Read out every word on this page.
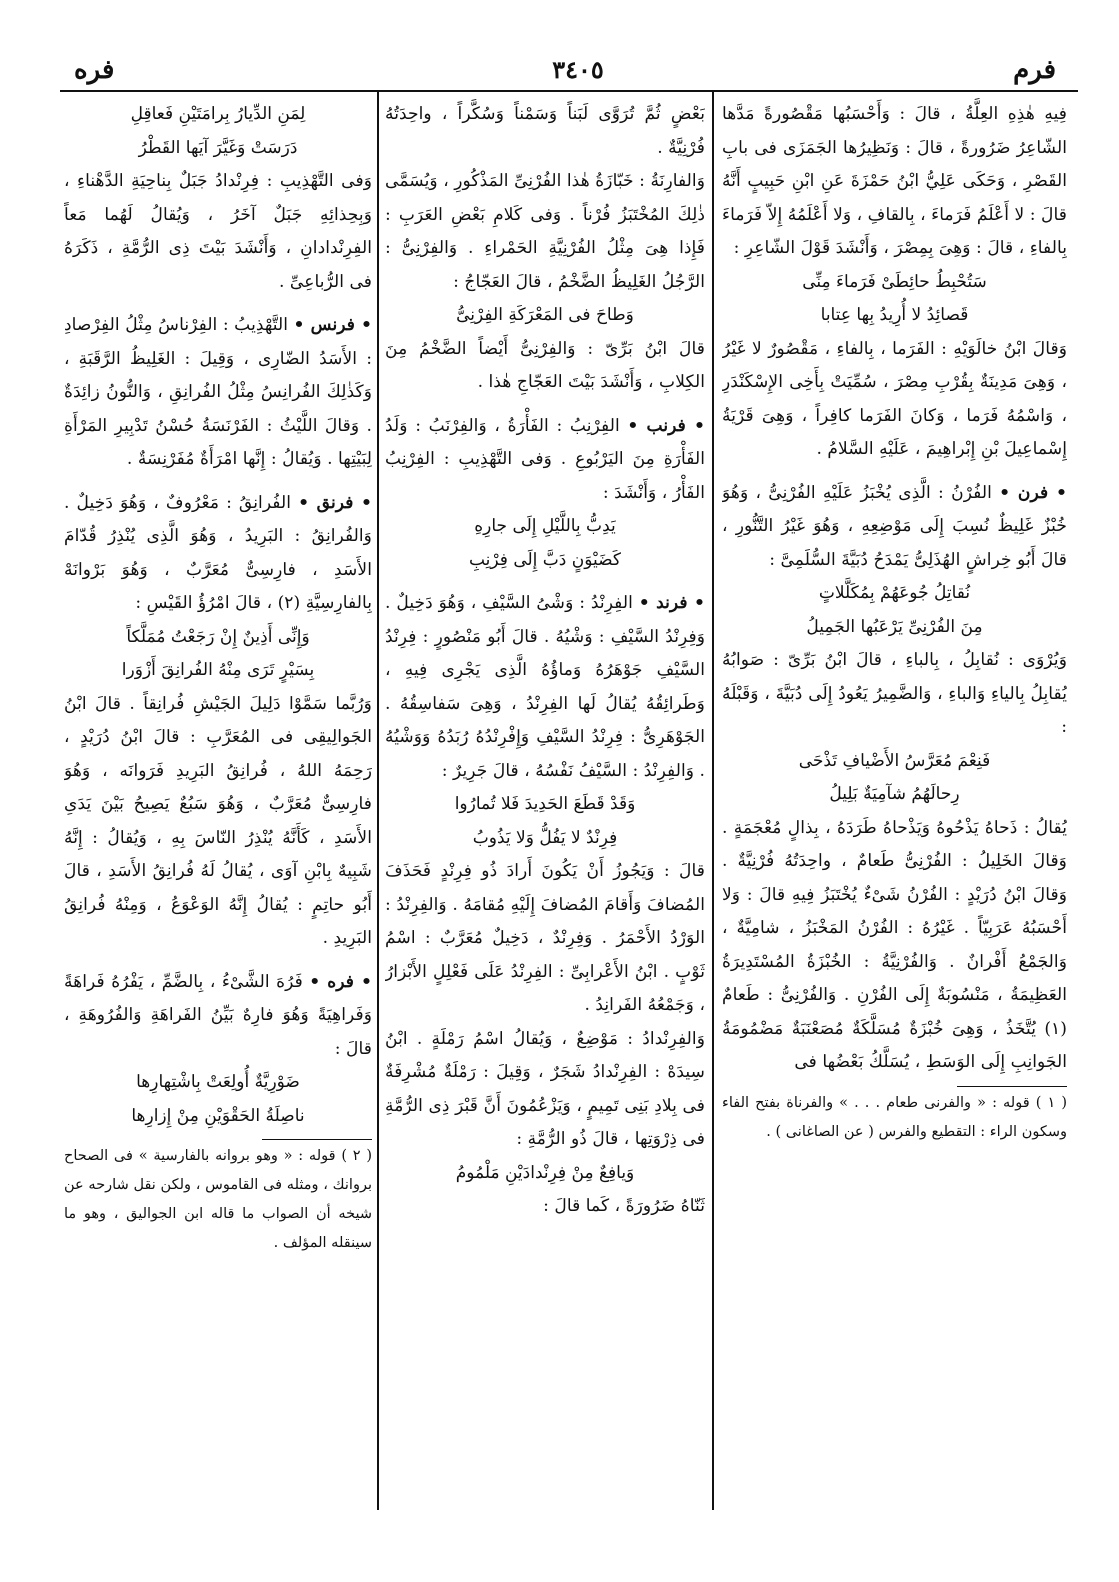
فرم
٣٤٠٥
فره

فِيهِ هٰذِهِ العِلَّةُ ، قالَ : وَأَحْسَبُها مَقْصُورةً مَدَّها الشّاعِرُ ضَرُورةً ، قالَ : وَنَظِيرُها الجَمَزَى فى بابِ القَصْرِ ، وَحَكَى عَلِيُّ ابْنُ حَمْزَةَ عَنِ ابْنِ حَبِيبٍ أَنَّهُ قالَ : لا أَعْلَمُ فَرَماءَ ، بِالقافِ ، وَلا أَعْلَمُهُ إِلاّ فَرَماءَ بِالفاءِ ، قالَ : وَهِىَ بِمِصْرَ ، وَأَنْشَدَ قَوْلَ الشّاعِرِ :

سَتُحْبِطُ حائِطَىْ فَرَماءَ مِنِّى

قَصائِدُ لا أُرِيدُ بِها عِتابا

وَقالَ ابْنُ خالَوَيْهِ : الفَرَما ، بِالفاءِ ، مَقْصُورٌ لا غَيْرُ ، وَهِىَ مَدِينَةٌ بِقُرْبِ مِصْرَ ، سُمِّيَتْ بِأَخِى الإِسْكَنْدَرِ ، وَاسْمُهُ فَرَما ، وَكانَ الفَرَما كافِراً ، وَهِىَ قَرْيَةُ إِسْماعِيلَ بْنِ إِبْراهِيمَ ، عَلَيْهِ السَّلامُ .

• فرن • الفُرْنُ : الَّذِى يُخْبَزُ عَلَيْهِ الفُرْنِىُّ ، وَهُوَ خُبْزٌ غَلِيظٌ نُسِبَ إِلَى مَوْضِعِهِ ، وَهُوَ غَيْرُ التَّنُّورِ ، قالَ أَبُو خِراشٍ الهُذَلِىُّ يَمْدَحُ دُبَيَّةَ السُّلَمِىَّ :

نُقاتِلُ جُوعَهُمْ بِمُكَلَّلاتٍ

مِنَ الفُرْنِىِّ يَرْعَبُها الجَمِيلُ

وَيُرْوَى : نُقابِلُ ، بِالباءِ ، قالَ ابْنُ بَرِّىّ : صَوابُهُ يُقابِلُ بِالياءِ وَالباءِ ، وَالضَّمِيرُ يَعُودُ إِلَى دُبَيَّةَ ، وَقَبْلَهُ :

فَنِعْمَ مُعَرَّسُ الأَضْيافِ تَذْحَى

رِحالَهُمُ شآمِيَةٌ بَلِيلُ

يُقالُ : ذَحاهُ يَذْحُوهُ وَيَذْحاهُ طَرَدَهُ ، بِذالٍ مُعْجَمَةٍ . وَقالَ الخَلِيلُ : الفُرْنِىُّ طَعامٌ ، واحِدَتُهُ فُرْنِيَّةٌ . وَقالَ ابْنُ دُرَيْدٍ : الفُرْنُ شَىْءٌ يُخْتَبَزُ فِيهِ قالَ : وَلا أَحْسَبُهُ عَرَبِيّاً . غَيْرُهُ : الفُرْنُ المَخْبَزُ ، شامِيَّةٌ ، وَالجَمْعُ أَفْرانٌ . وَالفُرْنِيَّةُ : الخُبْزَةُ المُسْتَدِيرَةُ العَظِيمَةُ ، مَنْسُوبَةٌ إِلَى الفُرْنِ . وَالفُرْنِىُّ : طَعامٌ (١) يُتَّخَذُ ، وَهِىَ خُبْزَةٌ مُسَلَّكَةٌ مُصَعْنَبَةٌ مَضْمُومَةُ الجَوانِبِ إِلَى الوَسَطِ ، يُسَلَّكُ بَعْضُها فى

( ١ ) قوله : « والفرنى طعام . . . » والفرناة بفتح الفاء وسكون الراء : التقطيع والفرس ( عن الصاغانى ) .

بَعْضٍ ثُمَّ تُرَوَّى لَبَناً وَسَمْناً وَسُكَّراً ، واحِدَتُهُ فُرْنِيَّةٌ .

وَالفارِنَةُ : خَبّازَةُ هٰذا الفُرْنِىِّ المَذْكُورِ ، وَيُسَمَّى ذٰلِكَ المُخْتَبَزُ فُرْناً . وَفى كَلامِ بَعْضِ العَرَبِ : فَإِذا هِىَ مِثْلُ الفُرْنِيَّةِ الحَمْراءِ . وَالفِرْنِىُّ : الرَّجُلُ الغَلِيظُ الضَّخْمُ ، قالَ العَجّاجُ :

وَطاحَ فى المَعْرَكَةِ الفِرْنِىُّ

قالَ ابْنُ بَرِّىّ : وَالفِرْنِىُّ أَيْضاً الضَّخْمُ مِنَ الكِلابِ ، وَأَنْشَدَ بَيْتَ العَجّاجِ هٰذا .

• فرنب • الفِرْنِبُ : الفَأْرَةُ ، وَالفِرْنَبُ : وَلَدُ الفَأْرَةِ مِنَ اليَرْبُوعِ . وَفى التَّهْذِيبِ : الفِرْنِبُ الفَأْرُ ، وَأَنْشَدَ :

يَدِبُّ بِاللَّيْلِ إِلَى جارِهِ

كَضَيْوَنٍ دَبَّ إِلَى فِرْنِبِ

• فرند • الفِرِنْدُ : وَشْىُ السَّيْفِ ، وَهُوَ دَخِيلٌ . وَفِرِنْدُ السَّيْفِ : وَشْيُهُ . قالَ أَبُو مَنْصُورٍ : فِرِنْدُ السَّيْفِ جَوْهَرُهُ وَماؤُهُ الَّذِى يَجْرِى فِيهِ ، وَطَرائِقُهُ يُقالُ لَها الفِرِنْدُ ، وَهِىَ سَفاسِقُهُ . الجَوْهَرِىُّ : فِرِنْدُ السَّيْفِ وَإِفْرِنْدُهُ رُبَدُهُ وَوَشْيُهُ . وَالفِرِنْدُ : السَّيْفُ نَفْسُهُ ، قالَ جَرِيرٌ :

وَقَدْ قَطَعَ الحَدِيدَ فَلا تُمارُوا

فِرِنْدٌ لا يَفُلُّ وَلا يَذُوبُ

قالَ : وَيَجُوزُ أَنْ يَكُونَ أَرادَ ذُو فِرِنْدٍ فَحَذَفَ المُضافَ وَأَقامَ المُضافَ إِلَيْهِ مُقامَهُ . وَالفِرِنْدُ : الوَرْدُ الأَحْمَرُ . وَفِرِنْدٌ ، دَخِيلٌ مُعَرَّبٌ : اسْمُ ثَوْبٍ . ابْنُ الأَعْرابِىِّ : الفِرِنْدُ عَلَى فَعْلِلٍ الأَبْزارُ ، وَجَمْعُهُ الفَرانِدُ .

وَالفِرِنْدادُ : مَوْضِعٌ ، وَيُقالُ اسْمُ رَمْلَةٍ . ابْنُ سِيدَهْ : الفِرِنْدادُ شَجَرٌ ، وَقِيلَ : رَمْلَةٌ مُشْرِفَةٌ فى بِلادِ بَنِى تَمِيمٍ ، وَيَزْعُمُونَ أَنَّ قَبْرَ ذِى الرُّمَّةِ فى ذِرْوَتِها ، قالَ ذُو الرُّمَّةِ :

وَيافِعٌ مِنْ فِرِنْدادَيْنِ مَلْمُومُ

ثَنّاهُ ضَرُورَةً ، كَما قالَ :

لِمَنِ الدِّيارُ بِرامَتَيْنِ فَعاقِلِ

دَرَسَتْ وَغَيَّرَ آيَها القَطْرُ

وَفى التَّهْذِيبِ : فِرِنْدادُ جَبَلٌ بِناحِيَةِ الدَّهْناءِ ، وَبِحِذائِهِ جَبَلٌ آخَرُ ، وَيُقالُ لَهُما مَعاً الفِرِنْدادانِ ، وَأَنْشَدَ بَيْتَ ذِى الرُّمَّةِ ، ذَكَرَهُ فى الرُّباعِىِّ .

• فرنس • التَّهْذِيبُ : الفِرْناسُ مِثْلُ الفِرْصادِ : الأَسَدُ الضّارِى ، وَقِيلَ : الغَلِيظُ الرَّقَبَةِ ، وَكَذٰلِكَ الفُرانِسُ مِثْلُ الفُرانِقِ ، وَالنُّونُ زائِدَةٌ . وَقالَ اللَّيْثُ : الفَرْنَسَةُ حُسْنُ تَدْبِيرِ المَرْأَةِ لِبَيْتِها . وَيُقالُ : إِنَّها امْرَأَةٌ مُفَرْنِسَةٌ .

• فرنق • الفُرانِقُ : مَعْرُوفٌ ، وَهُوَ دَخِيلٌ . وَالفُرانِقُ : البَرِيدُ ، وَهُوَ الَّذِى يُنْذِرُ قُدّامَ الأَسَدِ ، فارِسِىٌّ مُعَرَّبٌ ، وَهُوَ بَرْوانَهْ بِالفارِسِيَّةِ (٢) ، قالَ امْرُؤُ القَيْسِ :

وَإِنِّى أَذِينٌ إِنْ رَجَعْتُ مُمَلَّكاً

بِسَيْرٍ تَرَى مِنْهُ الفُرانِقَ أَزْوَرا

وَرُبَّما سَمَّوْا دَلِيلَ الجَيْشِ فُرانِقاً . قالَ ابْنُ الجَوالِيقِى فى المُعَرَّبِ : قالَ ابْنُ دُرَيْدٍ ، رَحِمَهُ اللهُ ، فُرانِقُ البَرِيدِ فَرَوانَه ، وَهُوَ فارِسِىٌّ مُعَرَّبٌ ، وَهُوَ سَبُعٌ يَصِيحُ بَيْنَ يَدَىِ الأَسَدِ ، كَأَنَّهُ يُنْذِرُ النّاسَ بِهِ ، وَيُقالُ : إِنَّهُ شَبِيهٌ بِابْنِ آوَى ، يُقالُ لَهُ فُرانِقُ الأَسَدِ ، قالَ أَبُو حاتِمٍ : يُقالُ إِنَّهُ الوَعْوَعُ ، وَمِنْهُ فُرانِقُ البَرِيدِ .

• فره • فَرُهَ الشَّىْءُ ، بِالضَّمِّ ، يَفْرُهُ فَراهَةً وَفَراهِيَةً وَهُوَ فارِهٌ بَيِّنُ الفَراهَةِ وَالفُرُوهَةِ ، قالَ :

ضَوْرِيَّةٌ أُولِعَتْ بِاشْتِهارِها

ناصِلَةُ الحَقْوَيْنِ مِنْ إِزارِها

( ٢ ) قوله : « وهو بروانه بالفارسية » فى الصحاح بروانك ، ومثله فى القاموس ، ولكن نقل شارحه عن شيخه أن الصواب ما قاله ابن الجواليق ، وهو ما سينقله المؤلف .
